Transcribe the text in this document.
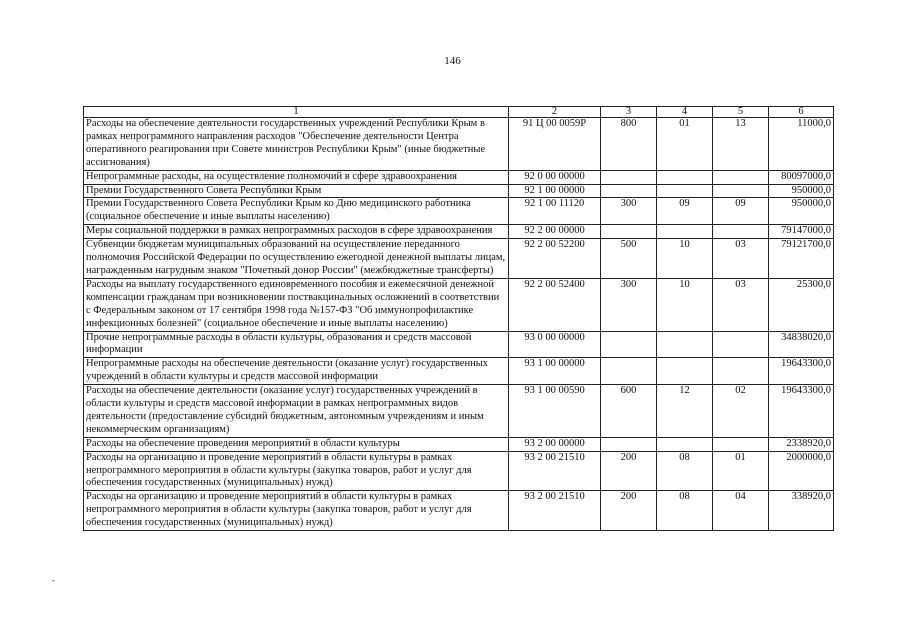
146
1	2	3	4	5	6
Расходы на обеспечение деятельности государственных учреждений Республики Крым в рамках непрограммного направления расходов "Обеспечение деятельности Центра оперативного реагирования при Совете министров Республики Крым" (иные бюджетные ассигнования)	91 Ц 00 0059Р	800	01	13	11000,0
Непрограммные расходы, на осуществление полномочий в сфере здравоохранения	92 0 00 00000				80097000,0
Премии Государственного Совета Республики Крым	92 1 00 00000				950000,0
Премии Государственного Совета Республики Крым ко Дню медицинского работника (социальное обеспечение и иные выплаты населению)	92 1 00 11120	300	09	09	950000,0
Меры социальной поддержки в рамках непрограммных расходов в сфере здравоохранения	92 2 00 00000				79147000,0
Субвенции бюджетам муниципальных образований на осуществление переданного полномочия Российской Федерации по осуществлению ежегодной денежной выплаты лицам, награжденным нагрудным знаком "Почетный донор России" (межбюджетные трансферты)	92 2 00 52200	500	10	03	79121700,0
Расходы на выплату государственного единовременного пособия и ежемесячной денежной компенсации гражданам при возникновении поствакцинальных осложнений в соответствии с Федеральным законом от 17 сентября 1998 года №157-ФЗ "Об иммунопрофилактике инфекционных болезней" (социальное обеспечение и иные выплаты населению)	92 2 00 52400	300	10	03	25300,0
Прочие непрограммные расходы в области культуры, образования и средств массовой информации	93 0 00 00000				34838020,0
Непрограммные расходы на обеспечение деятельности (оказание услуг) государственных учреждений в области культуры и средств массовой информации	93 1 00 00000				19643300,0
Расходы на обеспечение деятельности (оказание услуг) государственных учреждений в области культуры и средств массовой информации в рамках непрограммных видов деятельности (предоставление субсидий бюджетным, автономным учреждениям и иным некоммерческим организациям)	93 1 00 00590	600	12	02	19643300,0
Расходы на обеспечение проведения мероприятий в области культуры	93 2 00 00000				2338920,0
Расходы на организацию и проведение мероприятий в области культуры в рамках непрограммного мероприятия в области культуры (закупка товаров, работ и услуг для обеспечения государственных (муниципальных) нужд)	93 2 00 21510	200	08	01	2000000,0
Расходы на организацию и проведение мероприятий в области культуры в рамках непрограммного мероприятия в области культуры (закупка товаров, работ и услуг для обеспечения государственных (муниципальных) нужд)	93 2 00 21510	200	08	04	338920,0
-
